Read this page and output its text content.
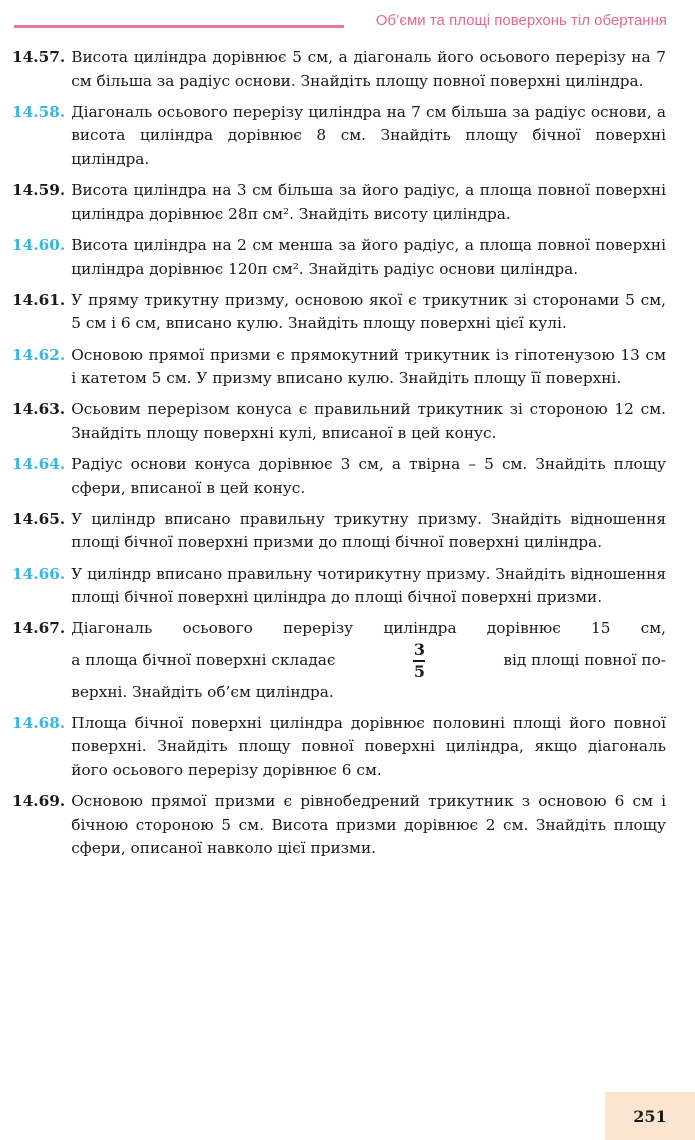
Об’єми та площі поверхонь тіл обертання
14.57. Висота циліндра дорівнює 5 см, а діагональ його осьового перерізу на 7 см більша за радіус основи. Знайдіть площу повної поверхні циліндра.
14.58. Діагональ осьового перерізу циліндра на 7 см більша за радіус основи, а висота циліндра дорівнює 8 см. Знайдіть площу бічної поверхні циліндра.
14.59. Висота циліндра на 3 см більша за його радіус, а площа повної поверхні циліндра дорівнює 28π см². Знайдіть висоту циліндра.
14.60. Висота циліндра на 2 см менша за його радіус, а площа повної поверхні циліндра дорівнює 120π см². Знайдіть радіус основи циліндра.
14.61. У пряму трикутну призму, основою якої є трикутник зі сторонами 5 см, 5 см і 6 см, вписано кулю. Знайдіть площу поверхні цієї кулі.
14.62. Основою прямої призми є прямокутний трикутник із гіпотенузою 13 см і катетом 5 см. У призму вписано кулю. Знайдіть площу її поверхні.
14.63. Осьовим перерізом конуса є правильний трикутник зі стороною 12 см. Знайдіть площу поверхні кулі, вписаної в цей конус.
14.64. Радіус основи конуса дорівнює 3 см, а твірна – 5 см. Знайдіть площу сфери, вписаної в цей конус.
14.65. У циліндр вписано правильну трикутну призму. Знайдіть відношення площі бічної поверхні призми до площі бічної поверхні циліндра.
14.66. У циліндр вписано правильну чотирикутну призму. Знайдіть відношення площі бічної поверхні циліндра до площі бічної поверхні призми.
14.67. Діагональ осьового перерізу циліндра дорівнює 15 см,
а площа бічної поверхні складає	$\frac{3}{5}$	від площі повної по-
верхні. Знайдіть об’єм циліндра.
14.68. Площа бічної поверхні циліндра дорівнює половині площі його повної поверхні. Знайдіть площу повної поверхні циліндра, якщо діагональ його осьового перерізу дорівнює 6 см.
14.69. Основою прямої призми є рівнобедрений трикутник з основою 6 см і бічною стороною 5 см. Висота призми дорівнює 2 см. Знайдіть площу сфери, описаної навколо цієї призми.
251
